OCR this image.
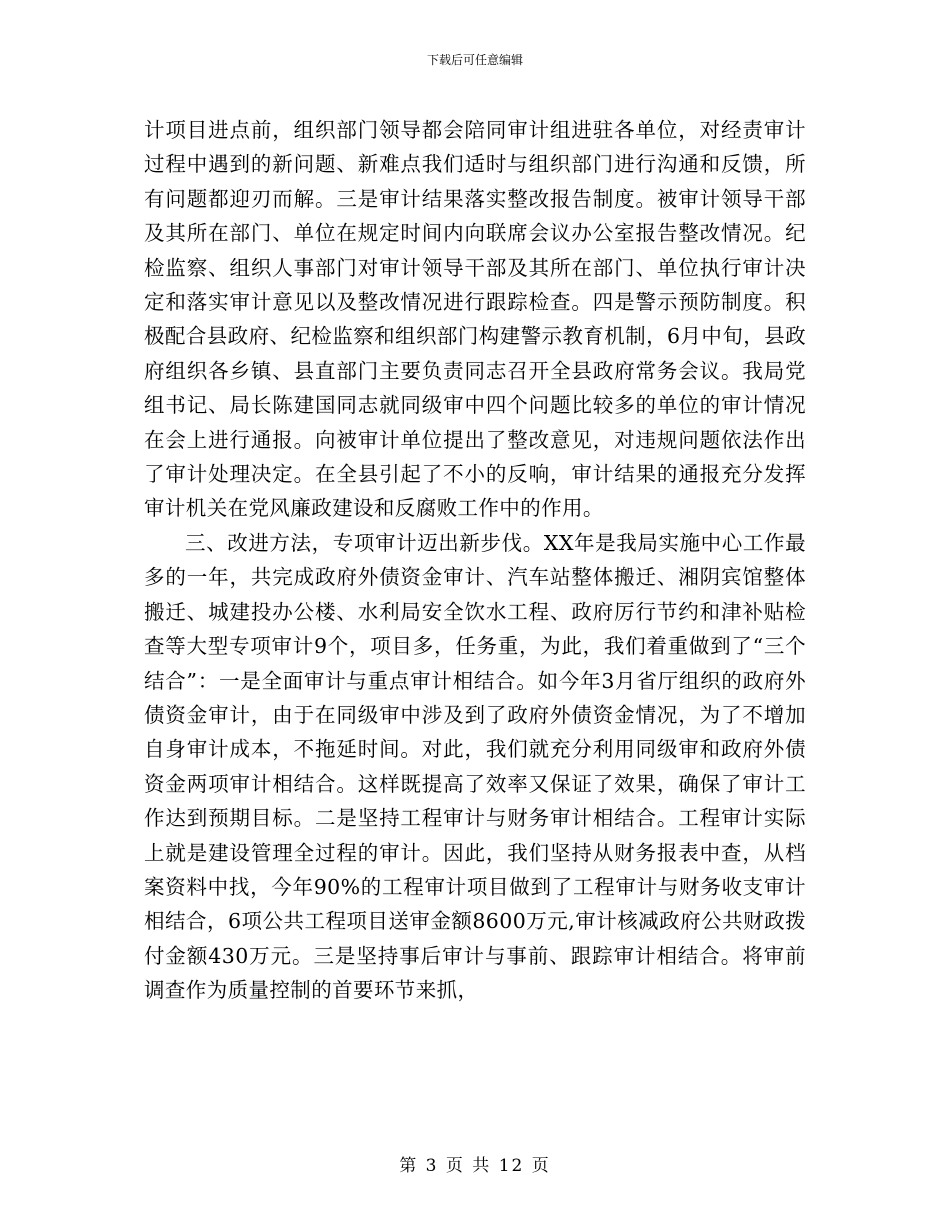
下载后可任意编辑

计项目进点前，组织部门领导都会陪同审计组进驻各单位，对经责审计过程中遇到的新问题、新难点我们适时与组织部门进行沟通和反馈，所有问题都迎刃而解。三是审计结果落实整改报告制度。被审计领导干部及其所在部门、单位在规定时间内向联席会议办公室报告整改情况。纪检监察、组织人事部门对审计领导干部及其所在部门、单位执行审计决定和落实审计意见以及整改情况进行跟踪检查。四是警示预防制度。积极配合县政府、纪检监察和组织部门构建警示教育机制，6月中旬，县政府组织各乡镇、县直部门主要负责同志召开全县政府常务会议。我局党组书记、局长陈建国同志就同级审中四个问题比较多的单位的审计情况在会上进行通报。向被审计单位提出了整改意见，对违规问题依法作出了审计处理决定。在全县引起了不小的反响，审计结果的通报充分发挥审计机关在党风廉政建设和反腐败工作中的作用。

三、改进方法，专项审计迈出新步伐。XX年是我局实施中心工作最多的一年，共完成政府外债资金审计、汽车站整体搬迁、湘阴宾馆整体搬迁、城建投办公楼、水利局安全饮水工程、政府厉行节约和津补贴检查等大型专项审计9个，项目多，任务重，为此，我们着重做到了“三个结合”：一是全面审计与重点审计相结合。如今年3月省厅组织的政府外债资金审计，由于在同级审中涉及到了政府外债资金情况，为了不增加自身审计成本，不拖延时间。对此，我们就充分利用同级审和政府外债资金两项审计相结合。这样既提高了效率又保证了效果，确保了审计工作达到预期目标。二是坚持工程审计与财务审计相结合。工程审计实际上就是建设管理全过程的审计。因此，我们坚持从财务报表中查，从档案资料中找，今年90%的工程审计项目做到了工程审计与财务收支审计相结合，6项公共工程项目送审金额8600万元,审计核减政府公共财政拨付金额430万元。三是坚持事后审计与事前、跟踪审计相结合。将审前调查作为质量控制的首要环节来抓，

第 3 页 共 12 页
